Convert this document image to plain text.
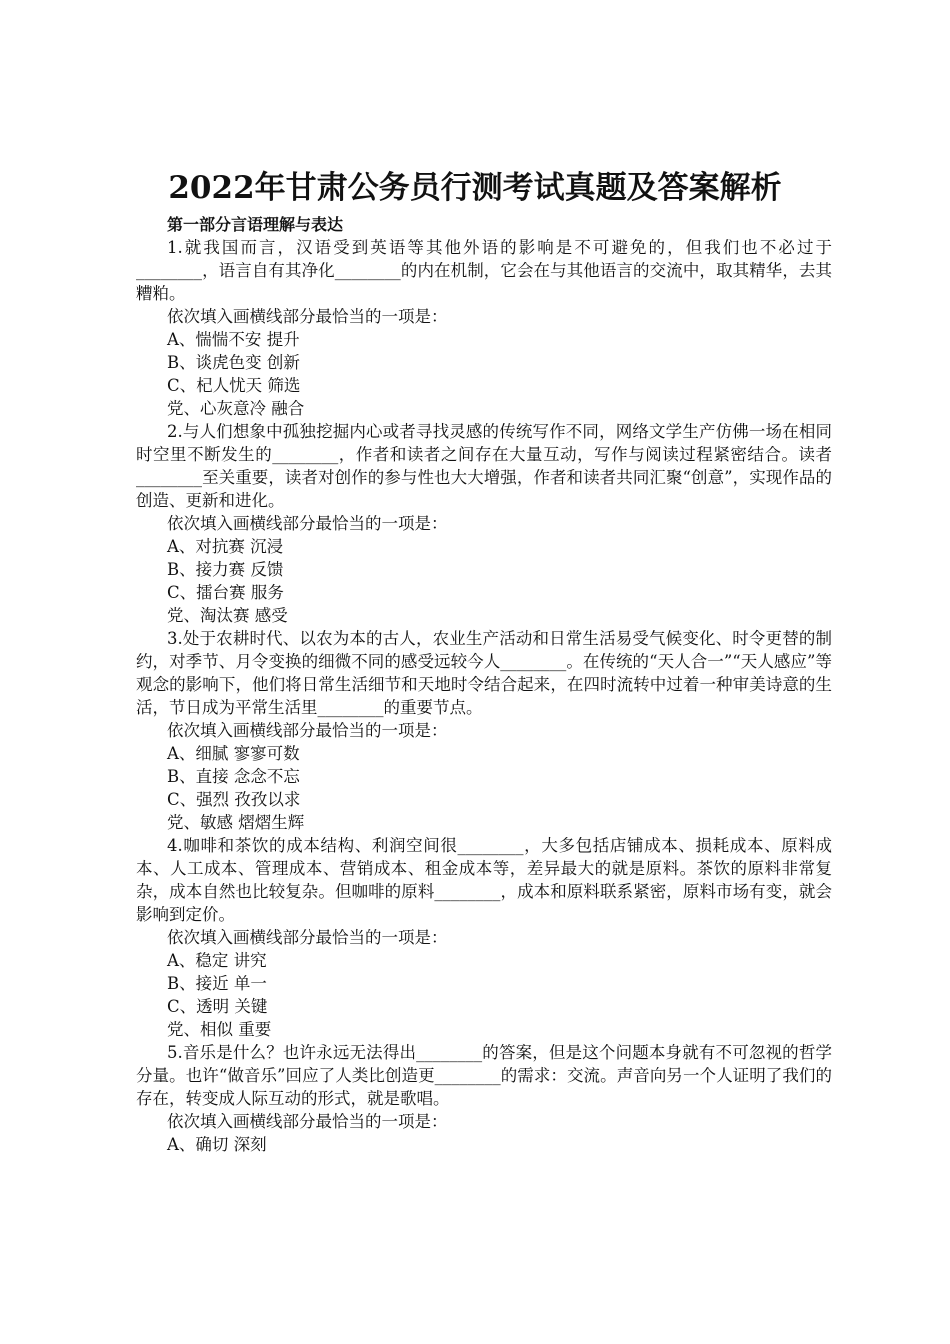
2022年甘肃公务员行测考试真题及答案解析
第一部分言语理解与表达

1.就我国而言，汉语受到英语等其他外语的影响是不可避免的，但我们也不必过于________，语言自有其净化________的内在机制，它会在与其他语言的交流中，取其精华，去其糟粕。

依次填入画横线部分最恰当的一项是：

A、惴惴不安 提升

B、谈虎色变 创新

C、杞人忧天 筛选

党、心灰意冷 融合

2.与人们想象中孤独挖掘内心或者寻找灵感的传统写作不同，网络文学生产仿佛一场在相同时空里不断发生的________，作者和读者之间存在大量互动，写作与阅读过程紧密结合。读者________至关重要，读者对创作的参与性也大大增强，作者和读者共同汇聚“创意”，实现作品的创造、更新和进化。

依次填入画横线部分最恰当的一项是：

A、对抗赛 沉浸

B、接力赛 反馈

C、擂台赛 服务

党、淘汰赛 感受

3.处于农耕时代、以农为本的古人，农业生产活动和日常生活易受气候变化、时令更替的制约，对季节、月令变换的细微不同的感受远较今人________。在传统的“天人合一”“天人感应”等观念的影响下，他们将日常生活细节和天地时令结合起来，在四时流转中过着一种审美诗意的生活，节日成为平常生活里________的重要节点。

依次填入画横线部分最恰当的一项是：

A、细腻 寥寥可数

B、直接 念念不忘

C、强烈 孜孜以求

党、敏感 熠熠生辉

4.咖啡和茶饮的成本结构、利润空间很________，大多包括店铺成本、损耗成本、原料成本、人工成本、管理成本、营销成本、租金成本等，差异最大的就是原料。茶饮的原料非常复杂，成本自然也比较复杂。但咖啡的原料________，成本和原料联系紧密，原料市场有变，就会影响到定价。

依次填入画横线部分最恰当的一项是：

A、稳定 讲究

B、接近 单一

C、透明 关键

党、相似 重要

5.音乐是什么？也许永远无法得出________的答案，但是这个问题本身就有不可忽视的哲学分量。也许“做音乐”回应了人类比创造更________的需求：交流。声音向另一个人证明了我们的存在，转变成人际互动的形式，就是歌唱。

依次填入画横线部分最恰当的一项是：

A、确切 深刻
